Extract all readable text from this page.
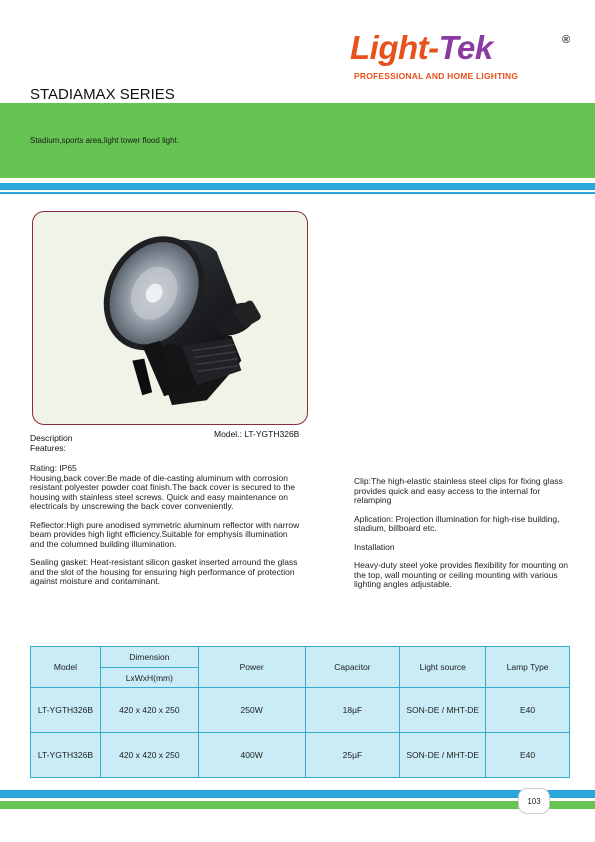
Light-Tek	®
PROFESSIONAL AND HOME LIGHTING
STADIAMAX SERIES
Stadium,sports area,light tower flood light.
Model.: LT-YGTH326B
Description
Features:

Rating: IP65
Housing,back cover:Be made of die-casting aluminum with corrosion resistant polyester powder coat finish.The back cover is secured to the housing with stainless steel screws. Quick and easy maintenance on electricals by unscrewing the back cover conveniently.

Reflector:High pure anodised symmetric aluminum reflector with narrow beam provides high light efficiency.Suitable for emphysis illumination and the columned building illumination.

Sealing gasket: Heat-resistant silicon gasket inserted arround the glass and the slot of the housing for ensuring high performance of protection against moisture and contaminant.

Clip:The high-elastic stainless steel clips for fixing glass provides quick and easy access to the internal for relamping

Aplication: Projection illumination for high-rise building, stadium, billboard etc.

Installation

Heavy-duty steel yoke provides flexibility for mounting on the top, wall mounting or ceiling mounting with various lighting angles adjustable.

Model	Dimension	Power	Capacitor	Light source	Lamp Type
	LxWxH(mm)				
LT-YGTH326B	420 x 420 x 250	250W	18µF	SON-DE / MHT-DE	E40
LT-YGTH326B	420 x 420 x 250	400W	25µF	SON-DE / MHT-DE	E40
103
